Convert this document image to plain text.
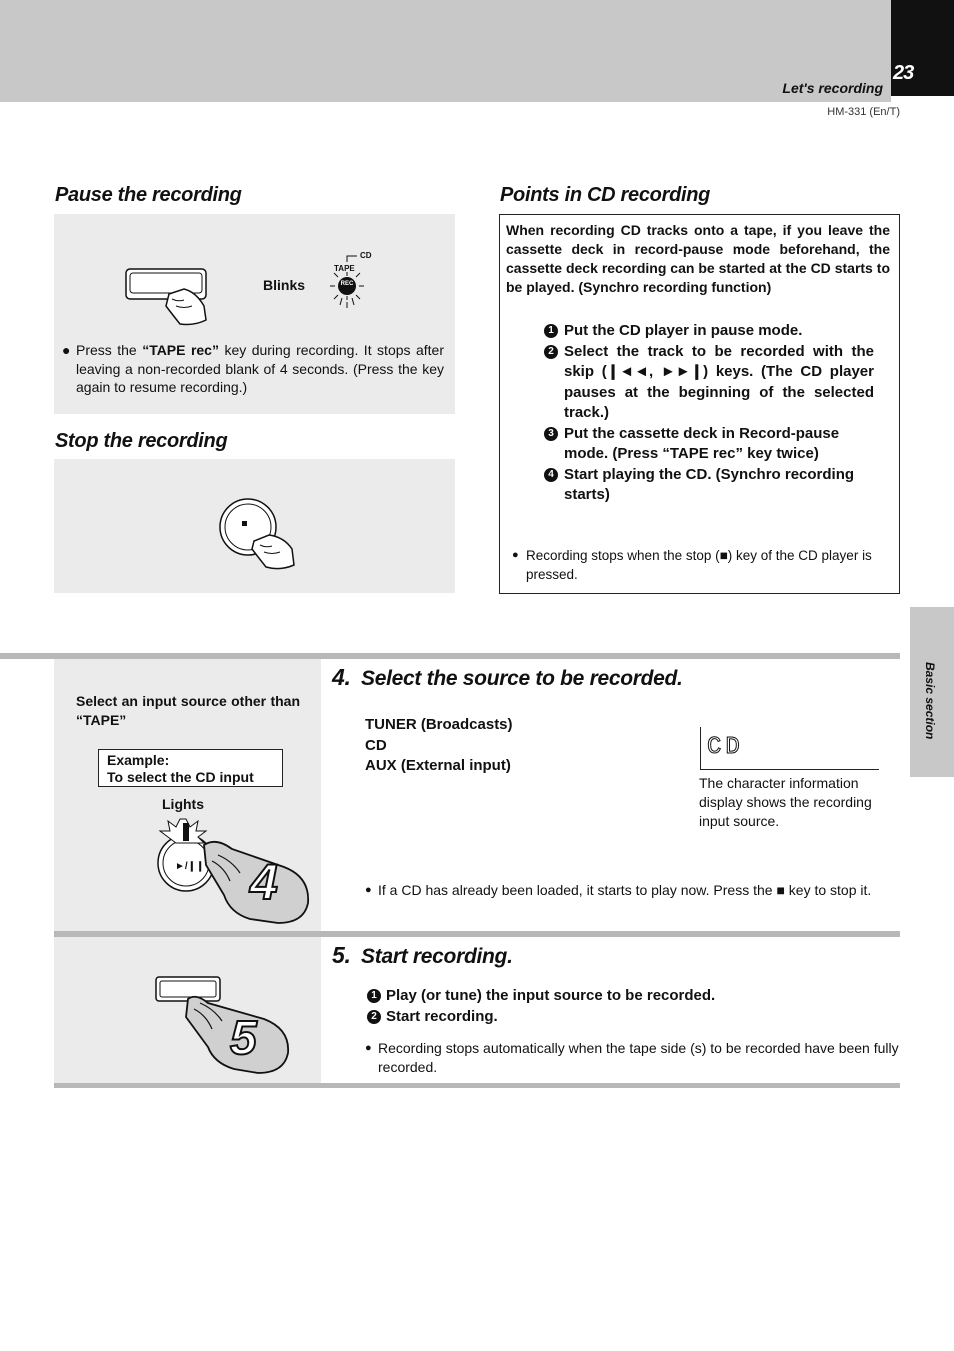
23
Let's recording
HM-331 (En/T)
Basic section
Pause the recording
Blinks
CD
TAPE
REC
● Press the “TAPE rec” key during recording. It stops after leaving a non-recorded blank of 4 seconds. (Press the key again to resume recording.)
Stop the recording
Points in CD recording
When recording CD tracks onto a tape, if you leave the cassette deck in record-pause mode beforehand, the cassette deck recording can be started at the CD starts to be played. (Synchro recording function)
1 Put the CD player in pause mode.
2 Select the track to be recorded with the skip (❙◄◄, ►►❙) keys. (The CD player pauses at the beginning of the selected track.)
3 Put the cassette deck in Record-pause mode. (Press “TAPE rec” key twice)
4 Start playing the CD. (Synchro recording starts)
● Recording stops when the stop (■) key of the CD player is pressed.
Select an input source other than “TAPE”
Example:
To select the CD input
Lights
►/❙❙ 4
4. Select the source to be recorded.
TUNER (Broadcasts)
CD
AUX (External input)
CD
The character information display shows the recording input source.
● If a CD has already been loaded, it starts to play now. Press the ■ key to stop it.
5
5. Start recording.
1 Play (or tune) the input source to be recorded.
2 Start recording.
● Recording stops automatically when the tape side (s) to be recorded have been fully recorded.
